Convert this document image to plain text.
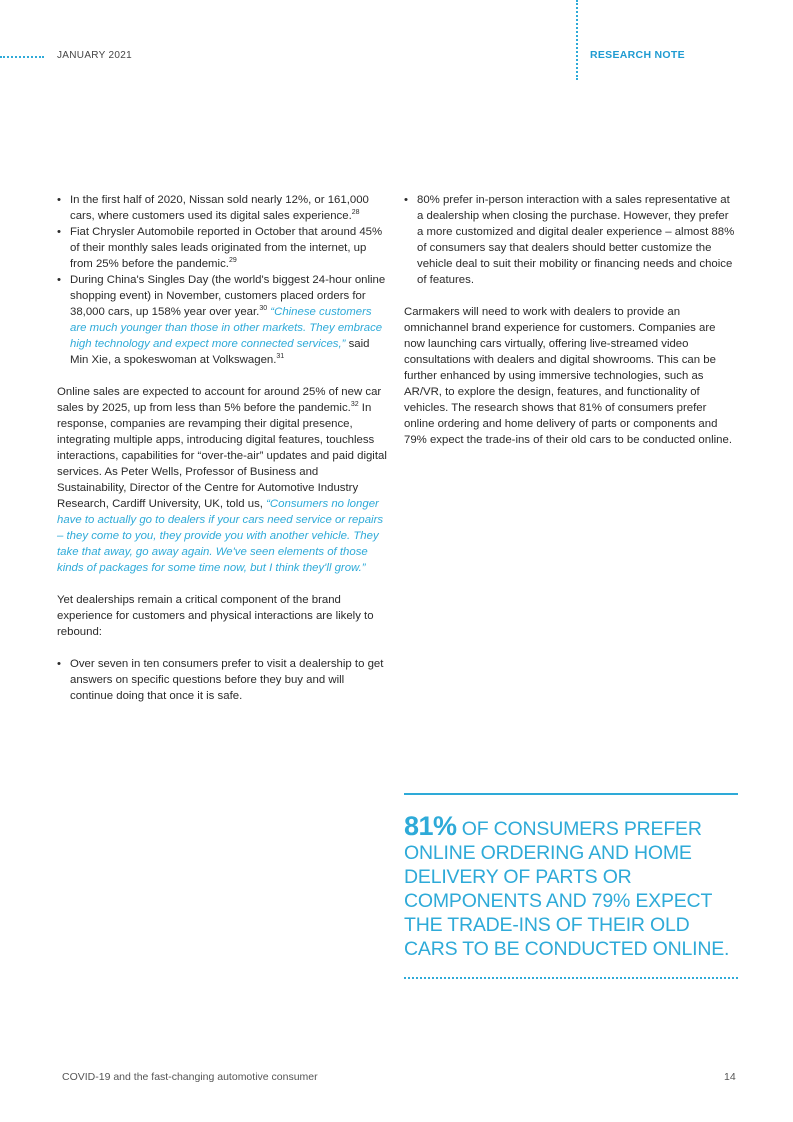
JANUARY 2021	RESEARCH NOTE
• In the first half of 2020, Nissan sold nearly 12%, or 161,000 cars, where customers used its digital sales experience.$^{28}$
• Fiat Chrysler Automobile reported in October that around 45% of their monthly sales leads originated from the internet, up from 25% before the pandemic.$^{29}$
• During China's Singles Day (the world's biggest 24-hour online shopping event) in November, customers placed orders for 38,000 cars, up 158% year over year.$^{30}$ “Chinese customers are much younger than those in other markets. They embrace high technology and expect more connected services,” said Min Xie, a spokeswoman at Volkswagen.$^{31}$

Online sales are expected to account for around 25% of new car sales by 2025, up from less than 5% before the pandemic.$^{32}$ In response, companies are revamping their digital presence, integrating multiple apps, introducing digital features, touchless interactions, capabilities for “over-the-air” updates and paid digital services. As Peter Wells, Professor of Business and Sustainability, Director of the Centre for Automotive Industry Research, Cardiff University, UK, told us, “Consumers no longer have to actually go to dealers if your cars need service or repairs – they come to you, they provide you with another vehicle. They take that away, go away again. We've seen elements of those kinds of packages for some time now, but I think they'll grow.”

Yet dealerships remain a critical component of the brand experience for customers and physical interactions are likely to rebound:

• Over seven in ten consumers prefer to visit a dealership to get answers on specific questions before they buy and will continue doing that once it is safe.
• 80% prefer in-person interaction with a sales representative at a dealership when closing the purchase. However, they prefer a more customized and digital dealer experience – almost 88% of consumers say that dealers should better customize the vehicle deal to suit their mobility or financing needs and choice of features.

Carmakers will need to work with dealers to provide an omnichannel brand experience for customers. Companies are now launching cars virtually, offering live-streamed video consultations with dealers and digital showrooms. This can be further enhanced by using immersive technologies, such as AR/VR, to explore the design, features, and functionality of vehicles. The research shows that 81% of consumers prefer online ordering and home delivery of parts or components and 79% expect the trade-ins of their old cars to be conducted online.

81% OF CONSUMERS PREFER ONLINE ORDERING AND HOME DELIVERY OF PARTS OR COMPONENTS AND 79% EXPECT THE TRADE-INS OF THEIR OLD CARS TO BE CONDUCTED ONLINE.
COVID-19 and the fast-changing automotive consumer	14
